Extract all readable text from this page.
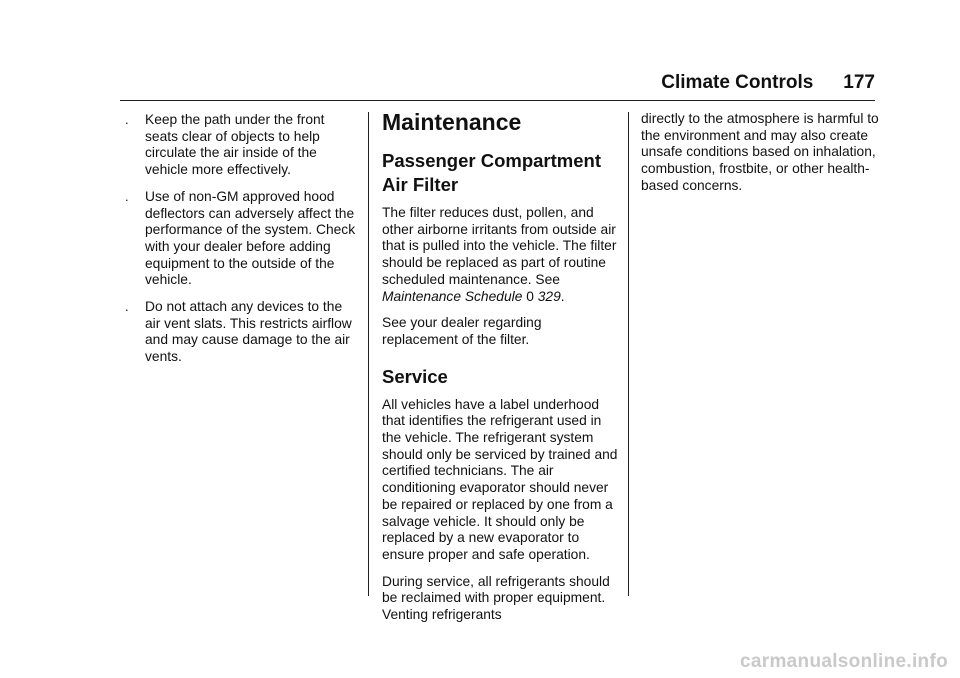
Climate Controls 177
. Keep the path under the front seats clear of objects to help circulate the air inside of the vehicle more effectively.
. Use of non-GM approved hood deflectors can adversely affect the performance of the system. Check with your dealer before adding equipment to the outside of the vehicle.
. Do not attach any devices to the air vent slats. This restricts airflow and may cause damage to the air vents.
Maintenance
Passenger Compartment Air Filter

The filter reduces dust, pollen, and other airborne irritants from outside air that is pulled into the vehicle. The filter should be replaced as part of routine scheduled maintenance. See Maintenance Schedule 0 329.

See your dealer regarding replacement of the filter.

Service

All vehicles have a label underhood that identifies the refrigerant used in the vehicle. The refrigerant system should only be serviced by trained and certified technicians. The air conditioning evaporator should never be repaired or replaced by one from a salvage vehicle. It should only be replaced by a new evaporator to ensure proper and safe operation.

During service, all refrigerants should be reclaimed with proper equipment. Venting refrigerants

directly to the atmosphere is harmful to the environment and may also create unsafe conditions based on inhalation, combustion, frostbite, or other health-based concerns.

carmanualsonline.info
